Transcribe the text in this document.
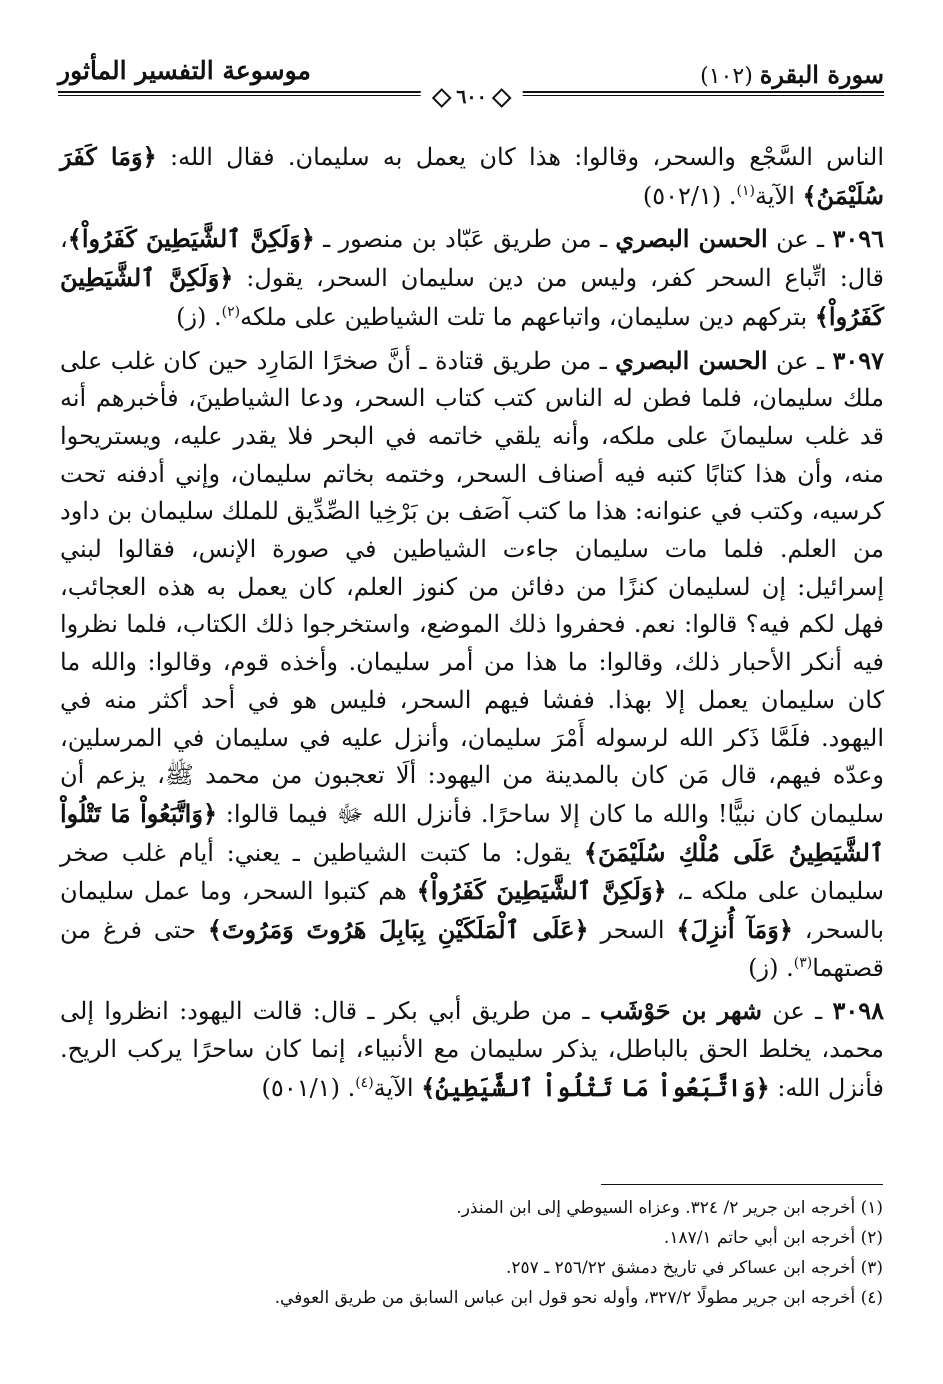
سورة البقرة (١٠٢)
موسوعة التفسير المأثور
٦٠٠

الناس السَّجْع والسحر، وقالوا: هذا كان يعمل به سليمان. فقال الله: ﴿وَمَا كَفَرَ سُلَيْمَنُ﴾ الآية$^{(١)}$. (٥٠٢/١)

٣٠٩٦ ـ عن الحسن البصري ـ من طريق عَبّاد بن منصور ـ ﴿وَلَكِنَّ ٱلشَّيَطِينَ كَفَرُواْ﴾، قال: اتِّباع السحر كفر، وليس من دين سليمان السحر، يقول: ﴿وَلَكِنَّ ٱلشَّيَطِينَ كَفَرُواْ﴾ بتركهم دين سليمان، واتباعهم ما تلت الشياطين على ملكه$^{(٢)}$. (ز)

٣٠٩٧ ـ عن الحسن البصري ـ من طريق قتادة ـ أنَّ صخرًا المَارِد حين كان غلب على ملك سليمان، فلما فطن له الناس كتب كتاب السحر، ودعا الشياطينَ، فأخبرهم أنه قد غلب سليمانَ على ملكه، وأنه يلقي خاتمه في البحر فلا يقدر عليه، ويستريحوا منه، وأن هذا كتابًا كتبه فيه أصناف السحر، وختمه بخاتم سليمان، وإني أدفنه تحت كرسيه، وكتب في عنوانه: هذا ما كتب آصَف بن بَرْخِيا الصِّدِّيق للملك سليمان بن داود من العلم. فلما مات سليمان جاءت الشياطين في صورة الإنس، فقالوا لبني إسرائيل: إن لسليمان كنزًا من دفائن من كنوز العلم، كان يعمل به هذه العجائب، فهل لكم فيه؟ قالوا: نعم. فحفروا ذلك الموضع، واستخرجوا ذلك الكتاب، فلما نظروا فيه أنكر الأحبار ذلك، وقالوا: ما هذا من أمر سليمان. وأخذه قوم، وقالوا: والله ما كان سليمان يعمل إلا بهذا. ففشا فيهم السحر، فليس هو في أحد أكثر منه في اليهود. فلَمَّا ذَكر الله لرسوله أَمْرَ سليمان، وأنزل عليه في سليمان في المرسلين، وعدّه فيهم، قال مَن كان بالمدينة من اليهود: ألَا تعجبون من محمد ﷺ، يزعم أن سليمان كان نبيًّا! والله ما كان إلا ساحرًا. فأنزل الله ﷻ فيما قالوا: ﴿وَاتَّبَعُواْ مَا تَتْلُواْ ٱلشَّيَطِينُ عَلَى مُلْكِ سُلَيْمَنَ﴾ يقول: ما كتبت الشياطين ـ يعني: أيام غلب صخر سليمان على ملكه ـ، ﴿وَلَكِنَّ ٱلشَّيَطِينَ كَفَرُواْ﴾ هم كتبوا السحر، وما عمل سليمان بالسحر، ﴿وَمَآ أُنزِلَ﴾ السحر ﴿عَلَى ٱلْمَلَكَيْنِ بِبَابِلَ هَرُوتَ وَمَرُوتَ﴾ حتى فرغ من قصتهما$^{(٣)}$. (ز)

٣٠٩٨ ـ عن شهر بن حَوْشَب ـ من طريق أبي بكر ـ قال: قالت اليهود: انظروا إلى محمد، يخلط الحق بالباطل، يذكر سليمان مع الأنبياء، إنما كان ساحرًا يركب الريح. فأنزل الله: ﴿وَاتَّبَعُواْ مَا تَتْلُواْ ٱلشَّيَطِينُ﴾ الآية$^{(٤)}$. (٥٠١/١)

(١) أخرجه ابن جرير ٢/ ٣٢٤. وعزاه السيوطي إلى ابن المنذر.

(٢) أخرجه ابن أبي حاتم ١٨٧/١.

(٣) أخرجه ابن عساكر في تاريخ دمشق ٢٥٦/٢٢ ـ ٢٥٧.

(٤) أخرجه ابن جرير مطولًا ٣٢٧/٢، وأوله نحو قول ابن عباس السابق من طريق العوفي.
